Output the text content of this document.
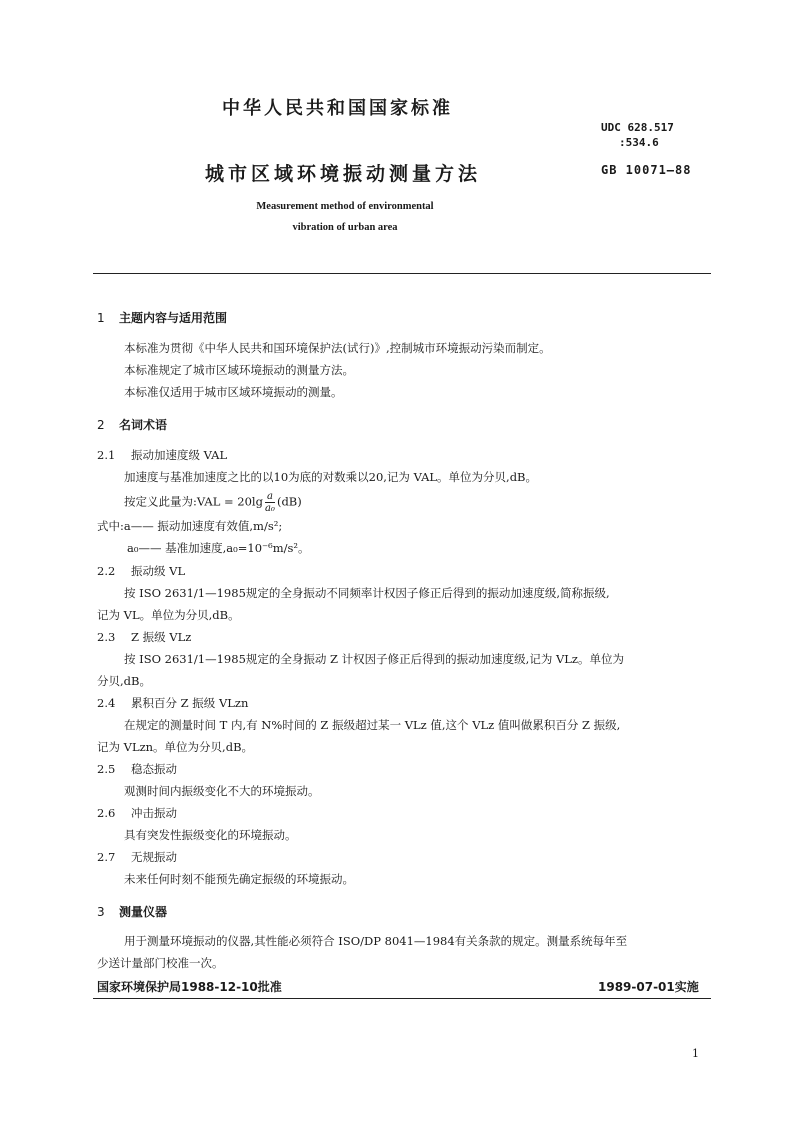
中华人民共和国国家标准
UDC 628.517
:534.6
城市区域环境振动测量方法	GB 10071—88
Measurement method of environmental
vibration of urban area
1 主题内容与适用范围
本标准为贯彻《中华人民共和国环境保护法(试行)》,控制城市环境振动污染而制定。
本标准规定了城市区域环境振动的测量方法。
本标准仅适用于城市区域环境振动的测量。
2 名词术语
2.1 振动加速度级 VAL
加速度与基准加速度之比的以10为底的对数乘以20,记为 VAL。单位为分贝,dB。
按定义此量为:VAL = $20\lg \frac{a}{\text{a₀}} (dB)$
式中:a—— 振动加速度有效值,m/s²;
a₀—— 基准加速度,a₀=10⁻⁶m/s²。
2.2 振动级 VL
按 ISO 2631/1—1985规定的全身振动不同频率计权因子修正后得到的振动加速度级,简称振级,
记为 VL。单位为分贝,dB。
2.3 Z 振级 VLz
按 ISO 2631/1—1985规定的全身振动 Z 计权因子修正后得到的振动加速度级,记为 VLz。单位为
分贝,dB。
2.4 累积百分 Z 振级 VLzn
在规定的测量时间 T 内,有 N%时间的 Z 振级超过某一 VLz 值,这个 VLz 值叫做累积百分 Z 振级,
记为 VLzn。单位为分贝,dB。
2.5 稳态振动
观测时间内振级变化不大的环境振动。
2.6 冲击振动
具有突发性振级变化的环境振动。
2.7 无规振动
未来任何时刻不能预先确定振级的环境振动。
3 测量仪器
用于测量环境振动的仪器,其性能必须符合 ISO/DP 8041—1984有关条款的规定。测量系统每年至
少送计量部门校准一次。
国家环境保护局1988-12-10批准	1989-07-01实施
1
